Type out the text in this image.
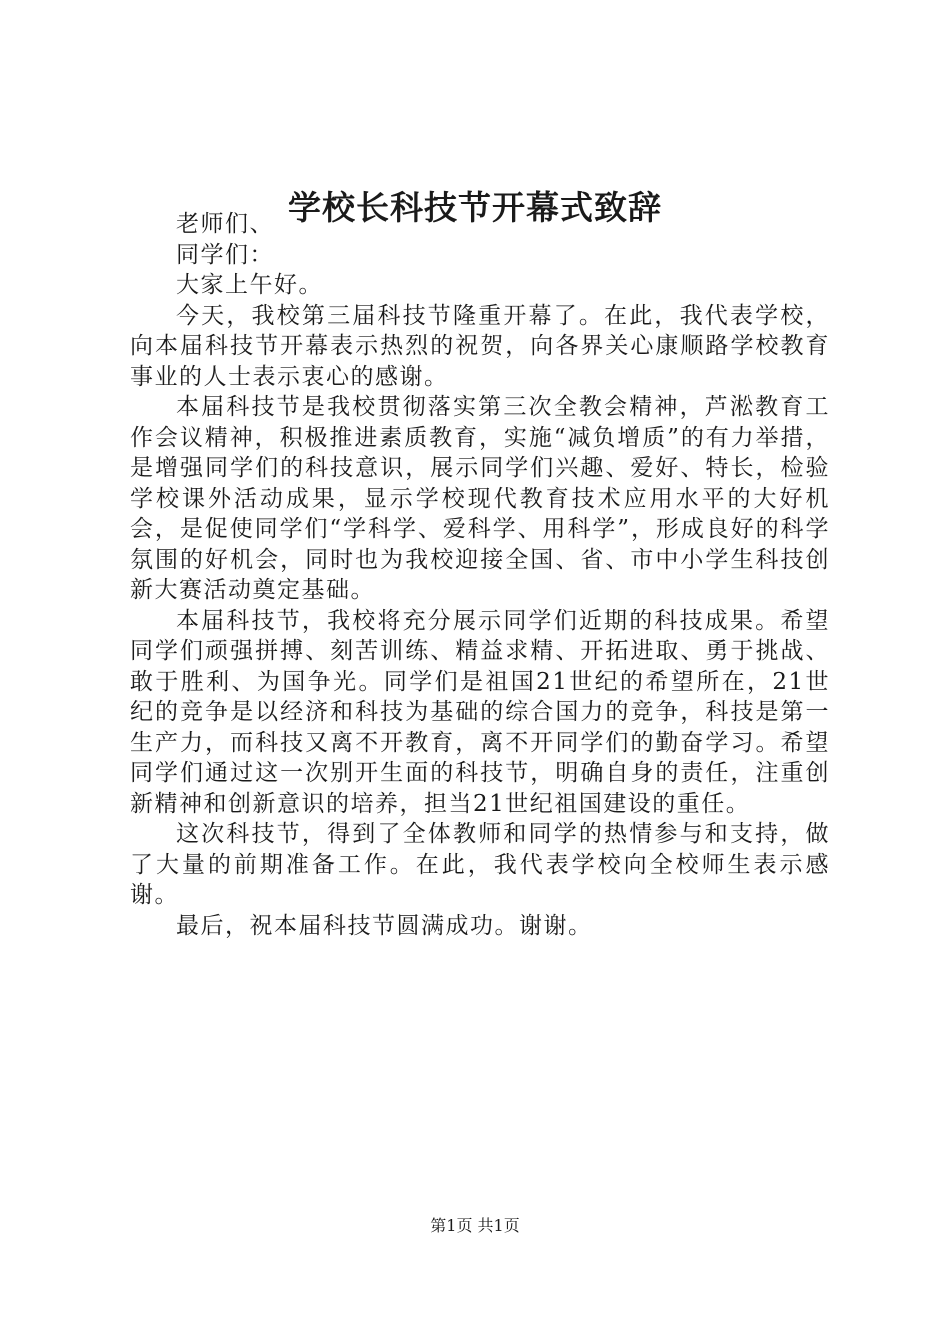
学校长科技节开幕式致辞

老师们、

同学们：

大家上午好。

今天，我校第三届科技节隆重开幕了。在此，我代表学校，向本届科技节开幕表示热烈的祝贺，向各界关心康顺路学校教育事业的人士表示衷心的感谢。

本届科技节是我校贯彻落实第三次全教会精神，芦淞教育工作会议精神，积极推进素质教育，实施“减负增质”的有力举措，是增强同学们的科技意识，展示同学们兴趣、爱好、特长，检验学校课外活动成果，显示学校现代教育技术应用水平的大好机会，是促使同学们“学科学、爱科学、用科学”，形成良好的科学氛围的好机会，同时也为我校迎接全国、省、市中小学生科技创新大赛活动奠定基础。

本届科技节，我校将充分展示同学们近期的科技成果。希望同学们顽强拼搏、刻苦训练、精益求精、开拓进取、勇于挑战、敢于胜利、为国争光。同学们是祖国21世纪的希望所在，21世纪的竞争是以经济和科技为基础的综合国力的竞争，科技是第一生产力，而科技又离不开教育，离不开同学们的勤奋学习。希望同学们通过这一次别开生面的科技节，明确自身的责任，注重创新精神和创新意识的培养，担当21世纪祖国建设的重任。

这次科技节，得到了全体教师和同学的热情参与和支持，做了大量的前期准备工作。在此，我代表学校向全校师生表示感谢。

最后，祝本届科技节圆满成功。谢谢。

第1页 共1页
